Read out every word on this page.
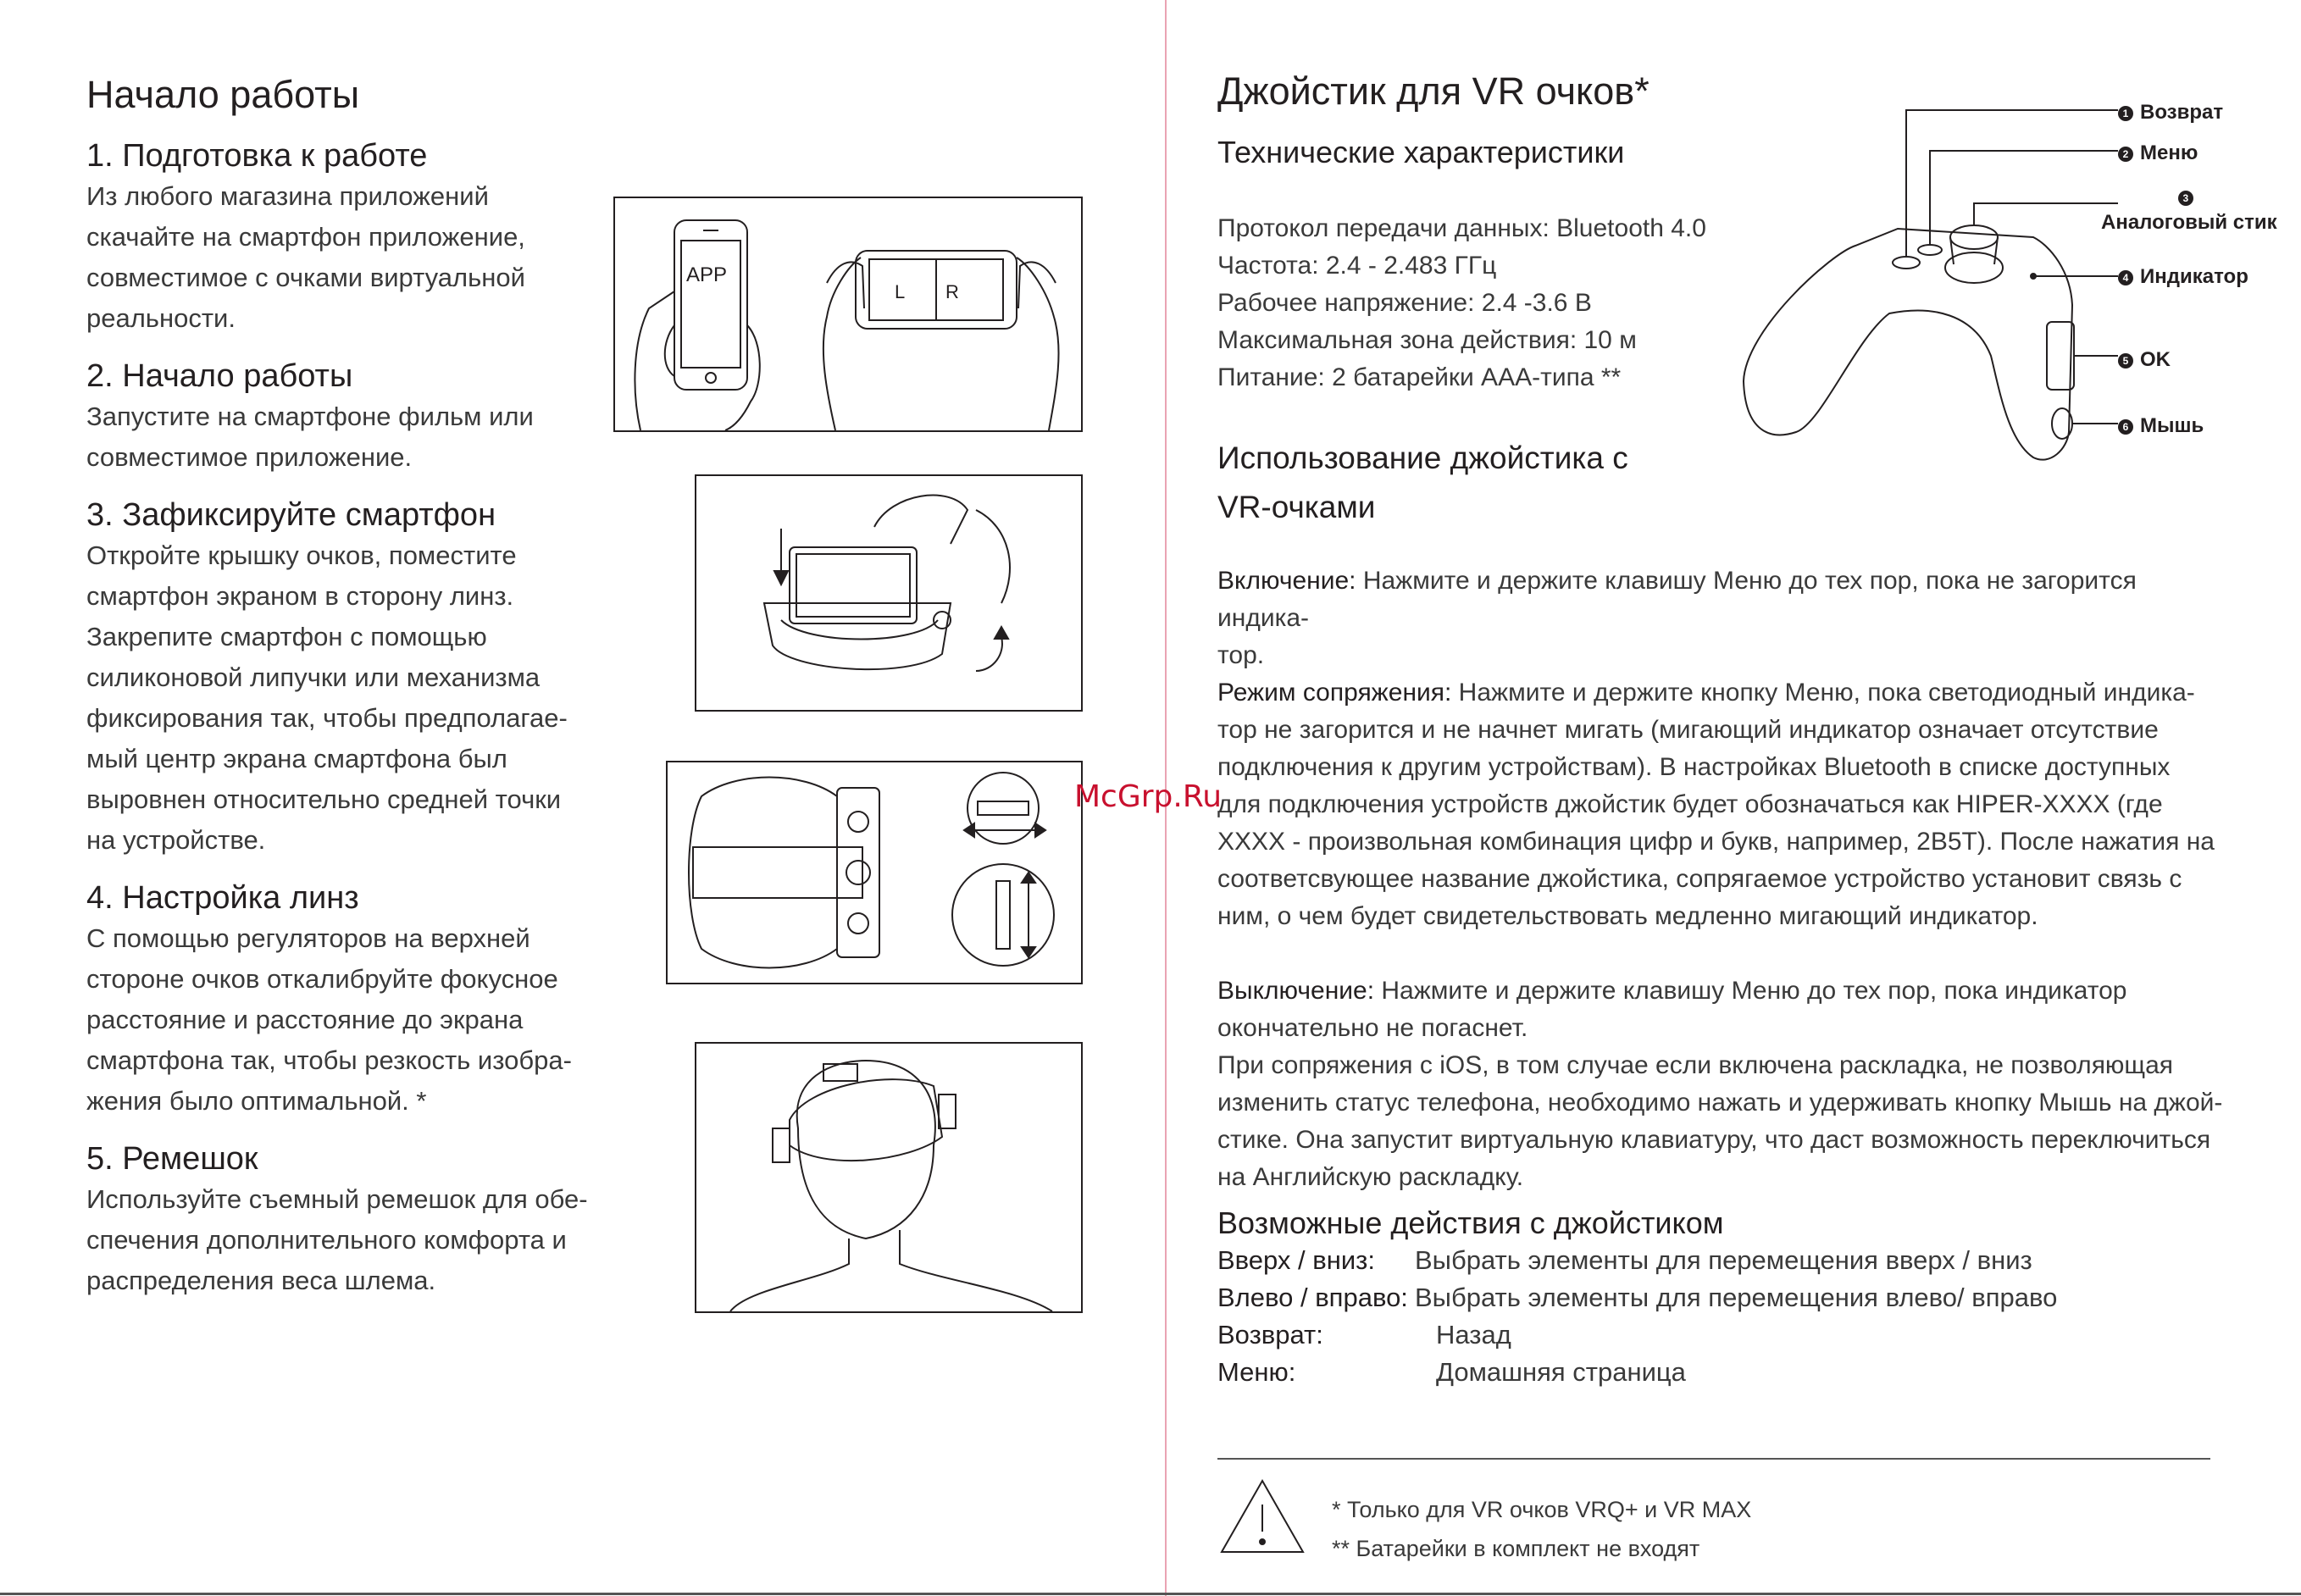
Начало работы
1. Подготовка к работе
Из любого магазина приложений
скачайте на смартфон приложение,
совместимое с очками виртуальной
реальности.
2. Начало работы
Запустите на смартфоне фильм или
совместимое приложение.
3. Зафиксируйте смартфон
Откройте крышку очков, поместите
смартфон экраном в сторону линз.
Закрепите смартфон с помощью
силиконовой липучки или механизма
фиксирования так, чтобы предполагае-
мый центр экрана смартфона был
выровнен относительно средней точки
на устройстве.
4. Настройка линз
С помощью регуляторов на верхней
стороне очков откалибруйте фокусное
расстояние и расстояние до экрана
смартфона так, чтобы резкость изобра-
жения было оптимальной. *
5. Ремешок
Используйте съемный ремешок для обе-
спечения дополнительного комфорта и
распределения веса шлема.
APP
L R
McGrp.Ru
Джойстик для VR очков*
Технические характеристики
Протокол передачи данных: Bluetooth 4.0
Частота: 2.4 - 2.483 ГГц
Рабочее напряжение: 2.4 -3.6 В
Максимальная зона действия: 10 м
Питание: 2 батарейки ААА-типа **
1 Возврат
2 Меню
3
Аналоговый стик
4 Индикатор
5 OK
6 Мышь
Использование джойстика с
VR-очками
Включение: Нажмите и держите клавишу Меню до тех пор, пока не загорится индика-
тор.
Режим сопряжения: Нажмите и держите кнопку Меню, пока светодиодный индика-
тор не загорится и не начнет мигать (мигающий индикатор означает отсутствие
подключения к другим устройствам). В настройках Bluetooth в списке доступных
для подключения устройств джойстик будет обозначаться как HIPER-XXXX (где
XXXX - произвольная комбинация цифр и букв, например, 2B5T). После нажатия на
соответсвующее название джойстика, сопрягаемое устройство установит связь с
ним, о чем будет свидетельствовать медленно мигающий индикатор.
Выключение: Нажмите и держите клавишу Меню до тех пор, пока индикатор
окончательно не погаснет.
При сопряжения с iOS, в том случае если включена раскладка, не позволяющая
изменить статус телефона, необходимо нажать и удерживать кнопку Мышь на джой-
стике. Она запустит виртуальную клавиатуру, что даст возможность переключиться
на Английскую раскладку.
Возможные действия с джойстиком
Вверх / вниз: Выбрать элементы для перемещения вверх / вниз
Влево / вправо: Выбрать элементы для перемещения влево/ вправо
Возврат:	Назад
Меню:	Домашняя страница
* Только для VR очков VRQ+ и VR MAX
** Батарейки в комплект не входят
